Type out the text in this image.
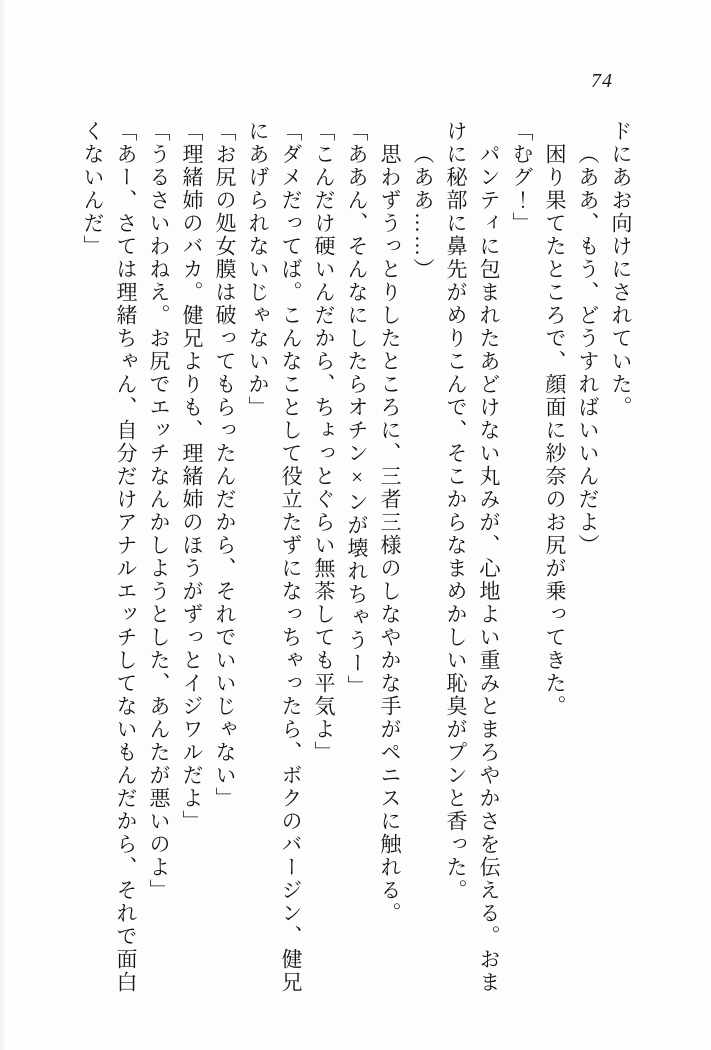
74
ドにあお向けにされていた。
（ああ、もう、どうすればいいんだよ）
困り果てたところで、顔面に紗奈のお尻が乗ってきた。
「むグ！」
パンティに包まれたあどけない丸みが、心地よい重みとまろやかさを伝える。おま
けに秘部に鼻先がめりこんで、そこからなまめかしい恥臭がプンと香った。
（ああ……）
思わずうっとりしたところに、三者三様のしなやかな手がペニスに触れる。
「ああん、そんなにしたらオチン×ンが壊れちゃうー」
「こんだけ硬いんだから、ちょっとぐらい無茶しても平気よ」
「ダメだってば。こんなことして役立たずになっちゃったら、ボクのバージン、健兄
にあげられないじゃないか」
「お尻の処女膜は破ってもらったんだから、それでいいじゃない」
「理緒姉のバカ。健兄よりも、理緒姉のほうがずっとイジワルだよ」
「うるさいわねえ。お尻でエッチなんかしようとした、あんたが悪いのよ」
「あー、さては理緒ちゃん、自分だけアナルエッチしてないもんだから、それで面白
くないんだ」
